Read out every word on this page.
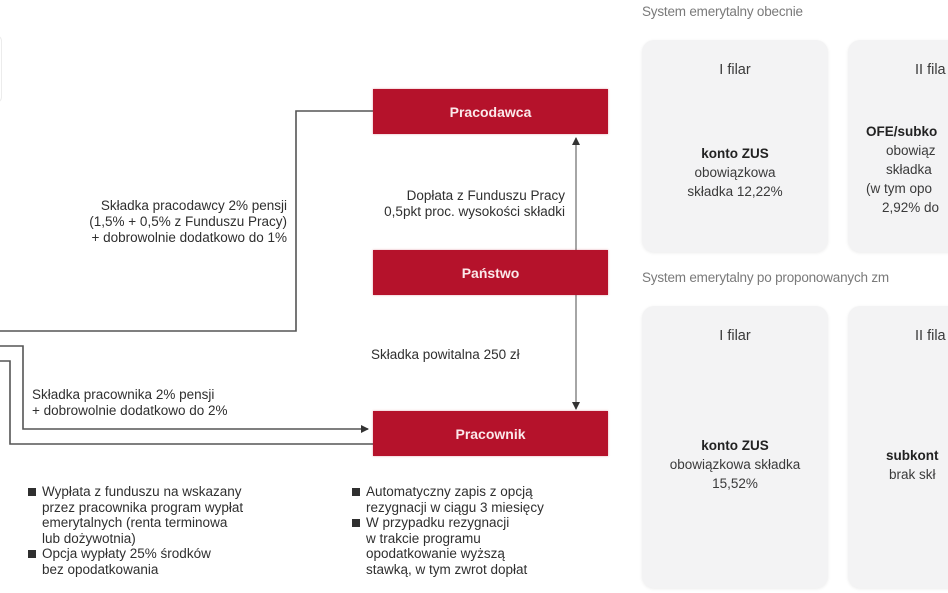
Pracodawca
Państwo
Pracownik
Składka pracodawcy 2% pensji
(1,5% + 0,5% z Funduszu Pracy)
+ dobrowolnie dodatkowo do 1%
Dopłata z Funduszu Pracy
0,5pkt proc. wysokości składki
Składka powitalna 250 zł
Składka pracownika 2% pensji
+ dobrowolnie dodatkowo do 2%
Wypłata z funduszu na wskazany
przez pracownika program wypłat
emerytalnych (renta terminowa
lub dożywotnia)
Opcja wypłaty 25% środków
bez opodatkowania
Automatyczny zapis z opcją
rezygnacji w ciągu 3 miesięcy
W przypadku rezygnacji
w trakcie programu
opodatkowanie wyższą
stawką, w tym zwrot dopłat
System emerytalny obecnie
I filar
konto ZUS
obowiązkowa
składka 12,22%
II fila
OFE/subko
obowiąz
składka
(w tym opo
2,92% do
System emerytalny po proponowanych zm
I filar
konto ZUS
obowiązkowa składka
15,52%
II fila
subkont
brak skł
